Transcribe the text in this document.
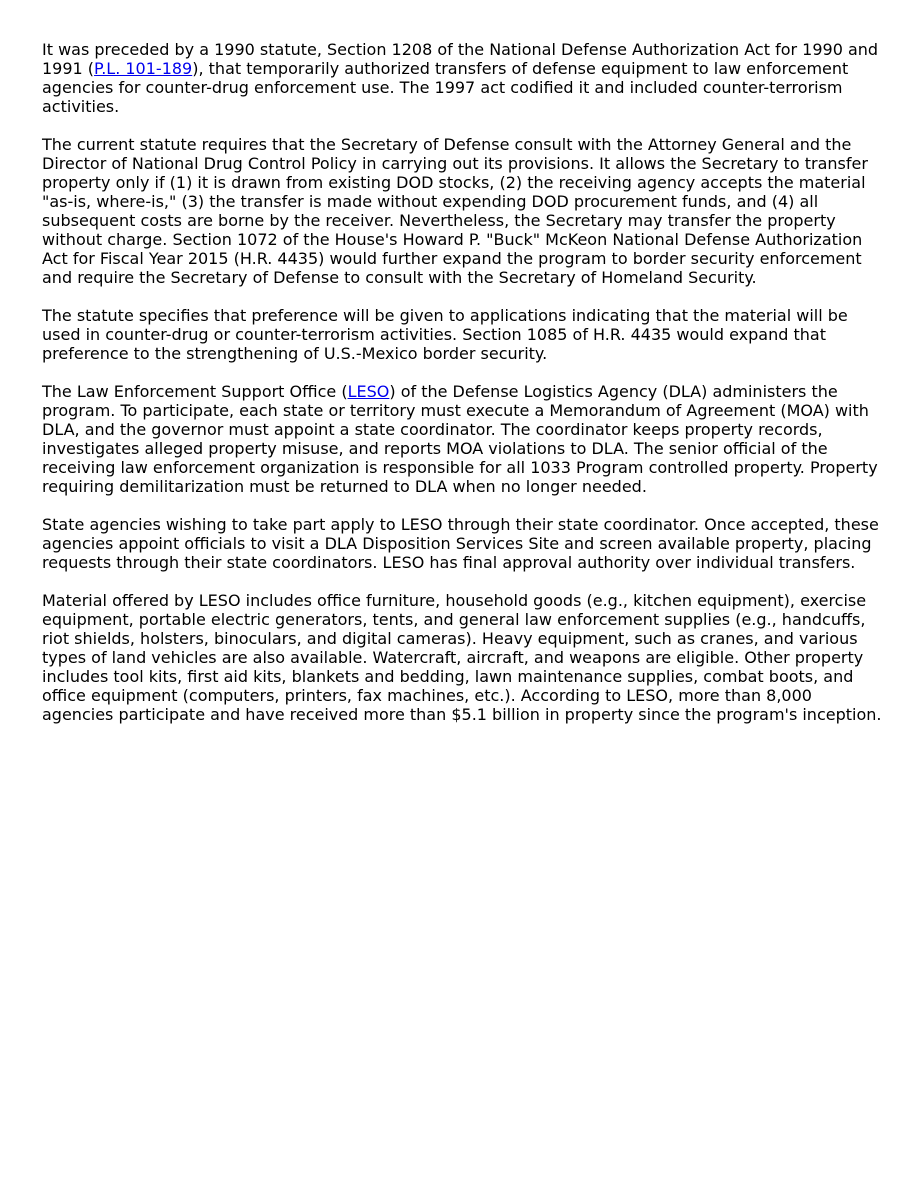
It was preceded by a 1990 statute, Section 1208 of the National Defense Authorization Act for 1990 and 1991 (P.L. 101-189), that temporarily authorized transfers of defense equipment to law enforcement agencies for counter-drug enforcement use. The 1997 act codified it and included counter-terrorism activities.

The current statute requires that the Secretary of Defense consult with the Attorney General and the Director of National Drug Control Policy in carrying out its provisions. It allows the Secretary to transfer property only if (1) it is drawn from existing DOD stocks, (2) the receiving agency accepts the material "as-is, where-is," (3) the transfer is made without expending DOD procurement funds, and (4) all subsequent costs are borne by the receiver. Nevertheless, the Secretary may transfer the property without charge. Section 1072 of the House's Howard P. "Buck" McKeon National Defense Authorization Act for Fiscal Year 2015 (H.R. 4435) would further expand the program to border security enforcement and require the Secretary of Defense to consult with the Secretary of Homeland Security.

The statute specifies that preference will be given to applications indicating that the material will be used in counter-drug or counter-terrorism activities. Section 1085 of H.R. 4435 would expand that preference to the strengthening of U.S.-Mexico border security.

The Law Enforcement Support Office (LESO) of the Defense Logistics Agency (DLA) administers the program. To participate, each state or territory must execute a Memorandum of Agreement (MOA) with DLA, and the governor must appoint a state coordinator. The coordinator keeps property records, investigates alleged property misuse, and reports MOA violations to DLA. The senior official of the receiving law enforcement organization is responsible for all 1033 Program controlled property. Property requiring demilitarization must be returned to DLA when no longer needed.

State agencies wishing to take part apply to LESO through their state coordinator. Once accepted, these agencies appoint officials to visit a DLA Disposition Services Site and screen available property, placing requests through their state coordinators. LESO has final approval authority over individual transfers.

Material offered by LESO includes office furniture, household goods (e.g., kitchen equipment), exercise equipment, portable electric generators, tents, and general law enforcement supplies (e.g., handcuffs, riot shields, holsters, binoculars, and digital cameras). Heavy equipment, such as cranes, and various types of land vehicles are also available. Watercraft, aircraft, and weapons are eligible. Other property includes tool kits, first aid kits, blankets and bedding, lawn maintenance supplies, combat boots, and office equipment (computers, printers, fax machines, etc.). According to LESO, more than 8,000 agencies participate and have received more than $5.1 billion in property since the program's inception.
